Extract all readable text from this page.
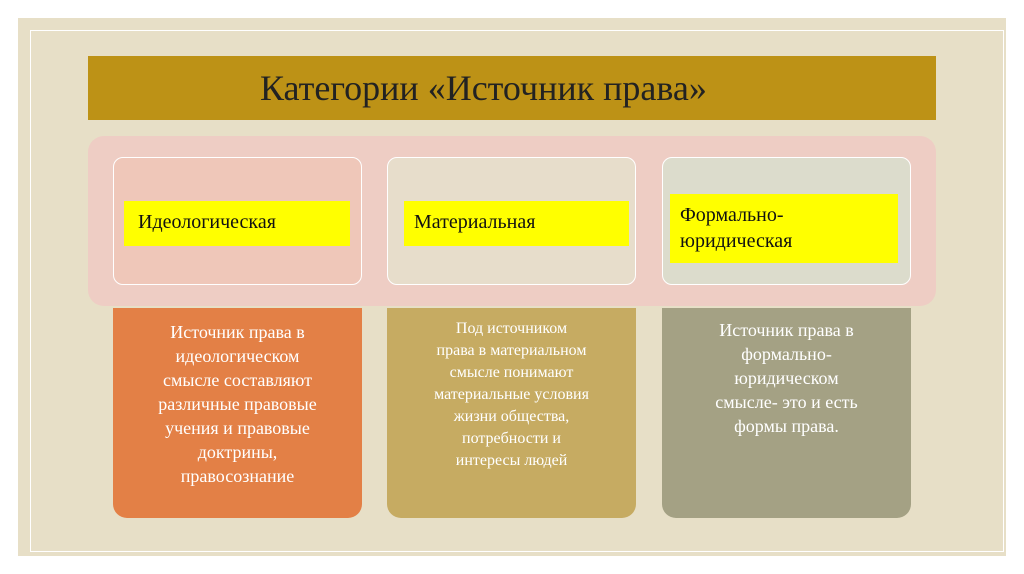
Категории «Источник права»
Идеологическая	Материальная	Формально-
юридическая
Источник права в
идеологическом
смысле составляют
различные правовые
учения и правовые
доктрины,
правосознание
Под источником
права в материальном
смысле понимают
материальные условия
жизни общества,
потребности и
интересы людей
Источник права в
формально-
юридическом
смысле- это и есть
формы права.
